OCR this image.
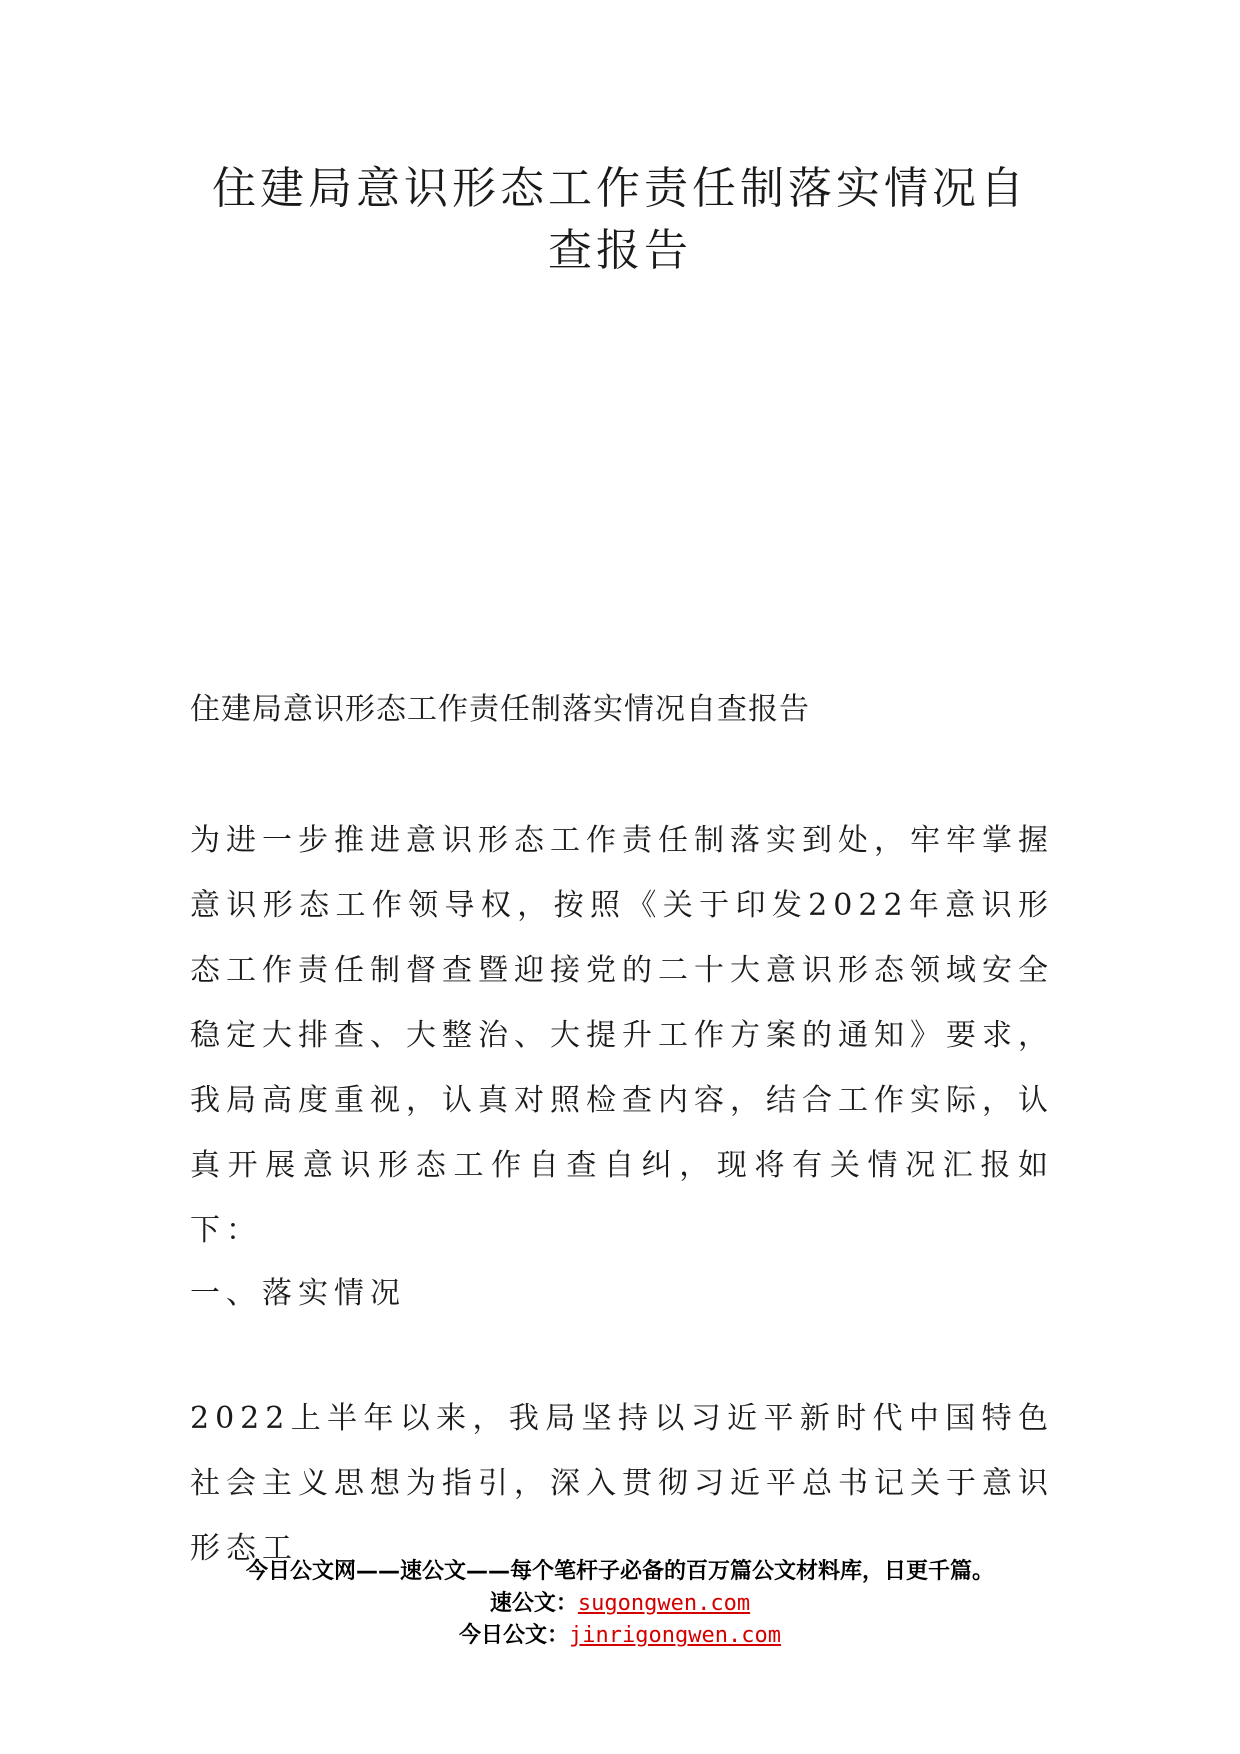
住建局意识形态工作责任制落实情况自查报告

住建局意识形态工作责任制落实情况自查报告

为进一步推进意识形态工作责任制落实到处，牢牢掌握意识形态工作领导权，按照《关于印发2022年意识形态工作责任制督查暨迎接党的二十大意识形态领域安全稳定大排查、大整治、大提升工作方案的通知》要求，我局高度重视，认真对照检查内容，结合工作实际，认真开展意识形态工作自查自纠，现将有关情况汇报如下：

一、落实情况

2022上半年以来，我局坚持以习近平新时代中国特色社会主义思想为指引，深入贯彻习近平总书记关于意识形态工

今日公文网——速公文——每个笔杆子必备的百万篇公文材料库，日更千篇。
速公文：sugongwen.com
今日公文：jinrigongwen.com
